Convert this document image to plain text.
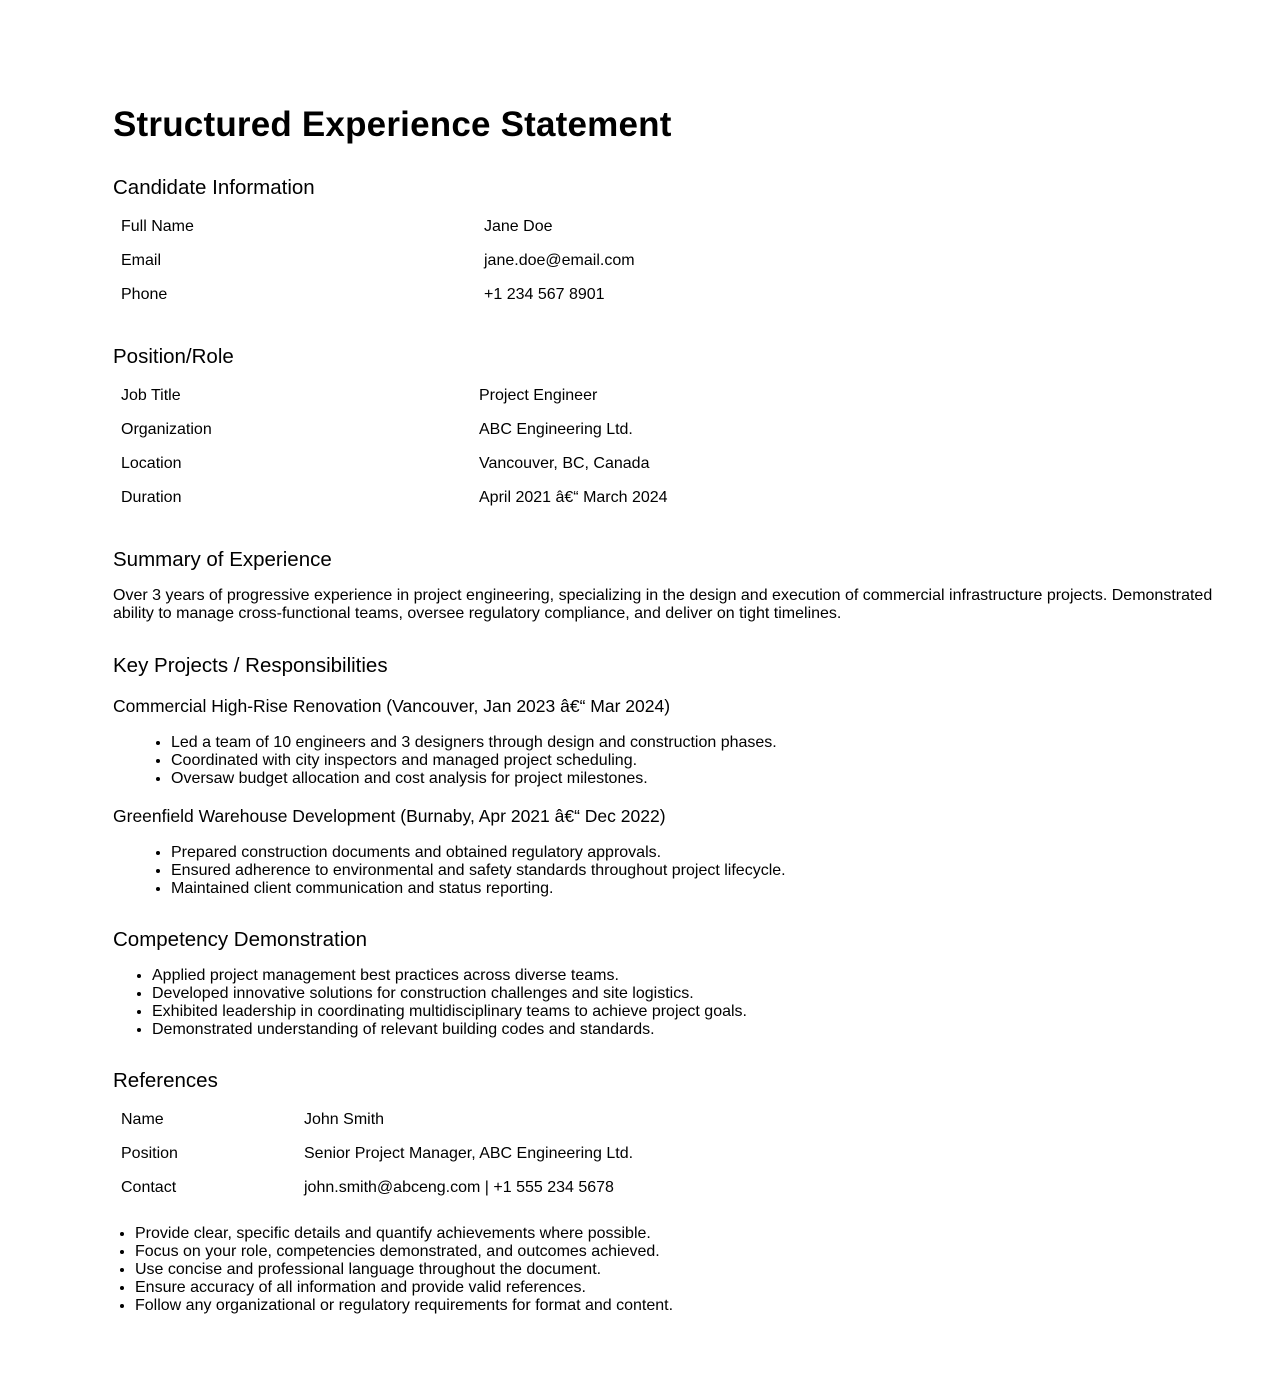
Structured Experience Statement
Candidate Information
Full Name	Jane Doe
Email	jane.doe@email.com
Phone	+1 234 567 8901
Position/Role
Job Title	Project Engineer
Organization	ABC Engineering Ltd.
Location	Vancouver, BC, Canada
Duration	April 2021 â€“ March 2024
Summary of Experience

Over 3 years of progressive experience in project engineering, specializing in the design and execution of commercial infrastructure projects. Demonstrated ability to manage cross-functional teams, oversee regulatory compliance, and deliver on tight timelines.

Key Projects / Responsibilities
Commercial High-Rise Renovation (Vancouver, Jan 2023 â€“ Mar 2024)
• Led a team of 10 engineers and 3 designers through design and construction phases.
• Coordinated with city inspectors and managed project scheduling.
• Oversaw budget allocation and cost analysis for project milestones.
Greenfield Warehouse Development (Burnaby, Apr 2021 â€“ Dec 2022)
• Prepared construction documents and obtained regulatory approvals.
• Ensured adherence to environmental and safety standards throughout project lifecycle.
• Maintained client communication and status reporting.
Competency Demonstration
• Applied project management best practices across diverse teams.
• Developed innovative solutions for construction challenges and site logistics.
• Exhibited leadership in coordinating multidisciplinary teams to achieve project goals.
• Demonstrated understanding of relevant building codes and standards.
References
Name	John Smith
Position	Senior Project Manager, ABC Engineering Ltd.
Contact	john.smith@abceng.com | +1 555 234 5678
• Provide clear, specific details and quantify achievements where possible.
• Focus on your role, competencies demonstrated, and outcomes achieved.
• Use concise and professional language throughout the document.
• Ensure accuracy of all information and provide valid references.
• Follow any organizational or regulatory requirements for format and content.
